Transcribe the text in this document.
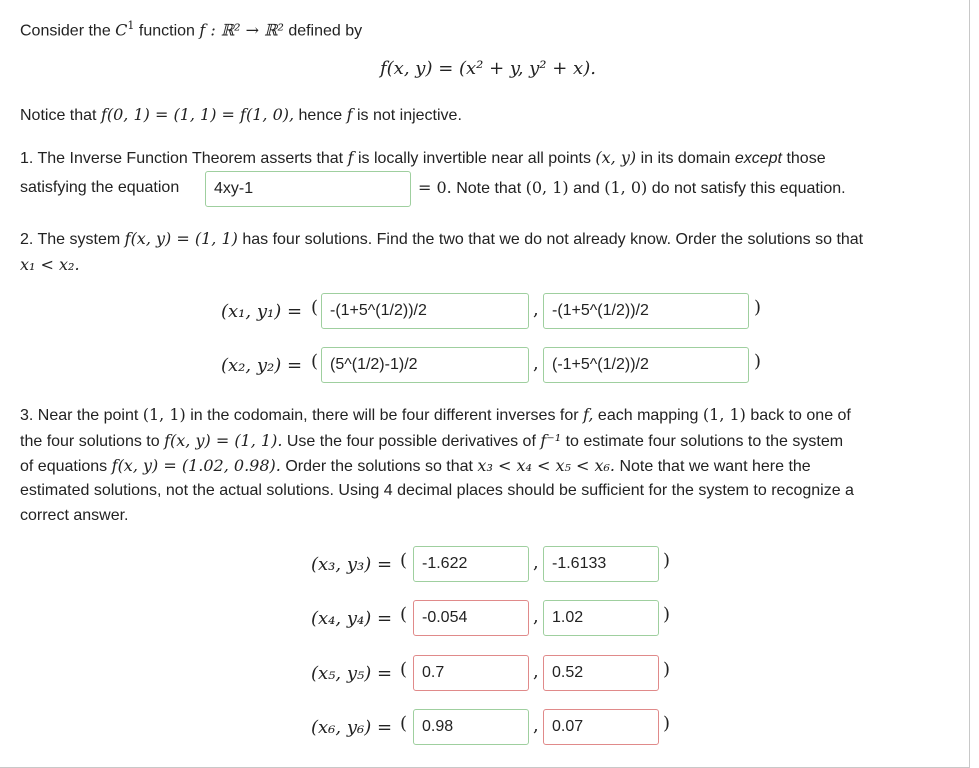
Consider the $C^1$ function f : ℝ² → ℝ² defined by
f(x, y) = (x² + y, y² + x).
Notice that f(0, 1) = (1, 1) = f(1, 0), hence f is not injective.
1. The Inverse Function Theorem asserts that f is locally invertible near all points (x, y) in its domain except those
satisfying the equation	4xy-1	= 0. Note that (0, 1) and (1, 0) do not satisfy this equation.
2. The system f(x, y) = (1, 1) has four solutions. Find the two that we do not already know. Order the solutions so that
x₁ < x₂.
(x₁, y₁) = ( -(1+5^(1/2))/2	, -(1+5^(1/2))/2	)
(x₂, y₂) = ( (5^(1/2)-1)/2	, (-1+5^(1/2))/2	)
3. Near the point (1, 1) in the codomain, there will be four different inverses for f, each mapping (1, 1) back to one of
the four solutions to f(x, y) = (1, 1). Use the four possible derivatives of f⁻¹ to estimate four solutions to the system
of equations f(x, y) = (1.02, 0.98). Order the solutions so that x₃ < x₄ < x₅ < x₆. Note that we want here the
estimated solutions, not the actual solutions. Using 4 decimal places should be sufficient for the system to recognize a
correct answer.
(x₃, y₃) = ( -1.622	, -1.6133	)
(x₄, y₄) = ( -0.054	, 1.02	)
(x₅, y₅) = ( 0.7	, 0.52	)
(x₆, y₆) = ( 0.98	, 0.07	)
